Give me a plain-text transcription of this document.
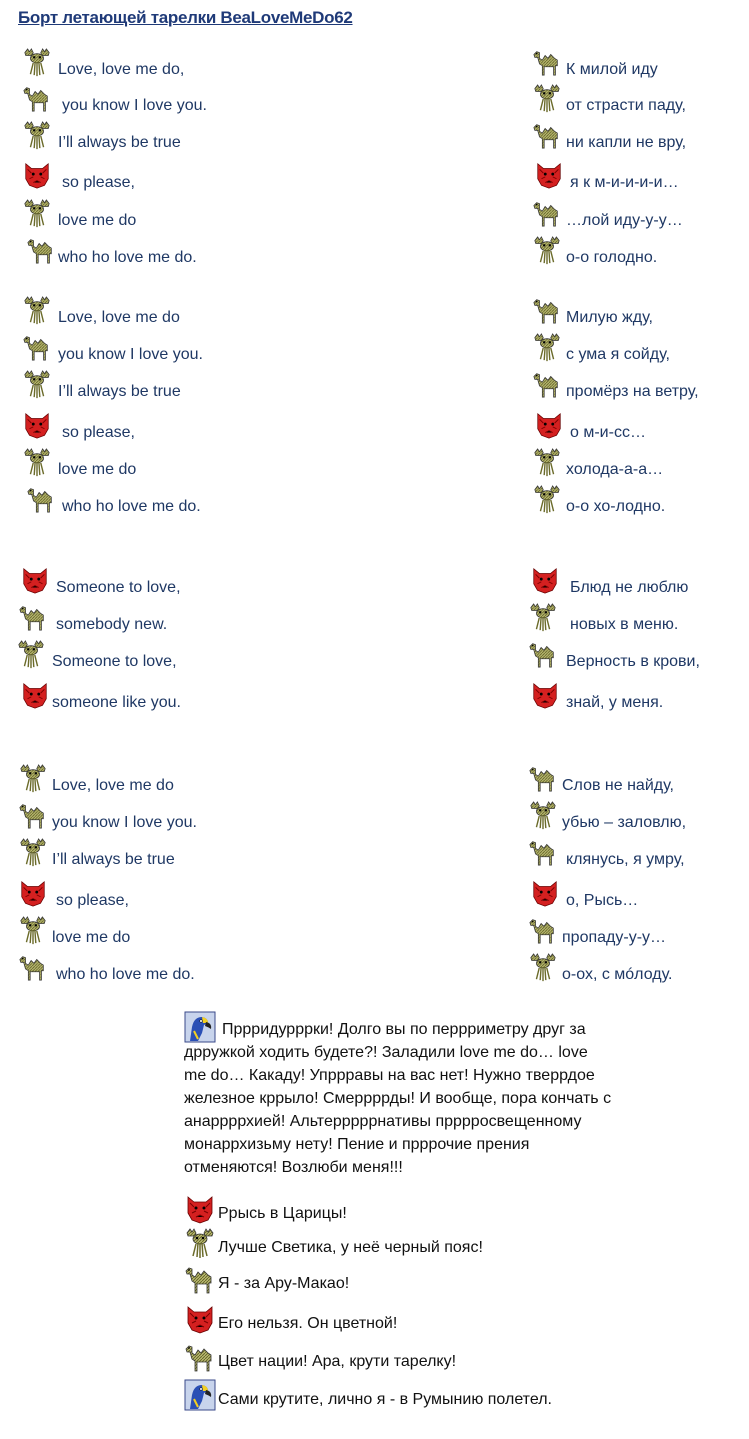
Борт летающей тарелки BeaLoveMeDo62
Love, love me do,
you know I love you.
I’ll always be true
so please,
love me do
who ho love me do.
Love, love me do
you know I love you.
I’ll always be true
so please,
love me do
who ho love me do.
Someone to love,
somebody new.
Someone to love,
someone like you.
Love, love me do
you know I love you.
I’ll always be true
so please,
love me do
who ho love me do.
К милой иду
от страсти паду,
ни капли не вру,
я к м-и-и-и-и…
…лой иду-у-у…
о-о голодно.
Милую жду,
с ума я сойду,
промёрз на ветру,
о м-и-сс…
холода-а-а…
о-о хо-лодно.
Блюд не люблю
новых в меню.
Верность в крови,
знай, у меня.
Слов не найду,
убью – заловлю,
клянусь, я умру,
о, Рысь…
пропаду-у-у…
о-ох, с мóлоду.
Пррридурррки! Долго вы по перрриметру друг за дрружкой ходить будете?! Заладили love me do… love me do… Какаду! Упррравы на вас нет! Нужно тверрдое железное кррыло! Смеррррды! И вообще, пора кончать с анаррррхией! Альтерррррнативы прррросвещенному монаррхизьму нету! Пение и прррочие прения отменяются! Возлюби меня!!!
Ррысь в Царицы!
Лучше Светика, у неё черный пояс!
Я - за Ару-Макао!
Его нельзя. Он цветной!
Цвет нации! Ара, крути тарелку!
Сами крутите, лично я - в Румынию полетел.
